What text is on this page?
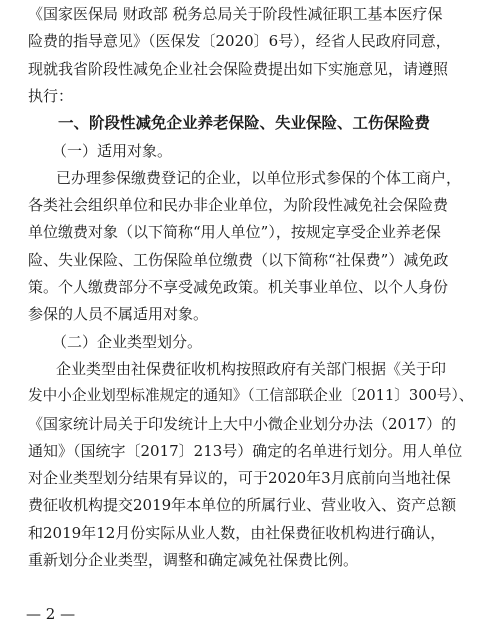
《国家医保局 财政部 税务总局关于阶段性减征职工基本医疗保
险费的指导意见》（医保发〔2020〕6号），经省人民政府同意，
现就我省阶段性减免企业社会保险费提出如下实施意见，请遵照
执行：
一、阶段性减免企业养老保险、失业保险、工伤保险费
（一）适用对象。
已办理参保缴费登记的企业，以单位形式参保的个体工商户，
各类社会组织单位和民办非企业单位，为阶段性减免社会保险费
单位缴费对象（以下简称“用人单位”），按规定享受企业养老保
险、失业保险、工伤保险单位缴费（以下简称“社保费”）减免政
策。个人缴费部分不享受减免政策。机关事业单位、以个人身份
参保的人员不属适用对象。
（二）企业类型划分。
企业类型由社保费征收机构按照政府有关部门根据《关于印
发中小企业划型标准规定的通知》（工信部联企业〔2011〕300号）、
《国家统计局关于印发统计上大中小微企业划分办法（2017）的
通知》（国统字〔2017〕213号）确定的名单进行划分。用人单位
对企业类型划分结果有异议的，可于2020年3月底前向当地社保
费征收机构提交2019年本单位的所属行业、营业收入、资产总额
和2019年12月份实际从业人数，由社保费征收机构进行确认，
重新划分企业类型，调整和确定减免社保费比例。
— 2 —
